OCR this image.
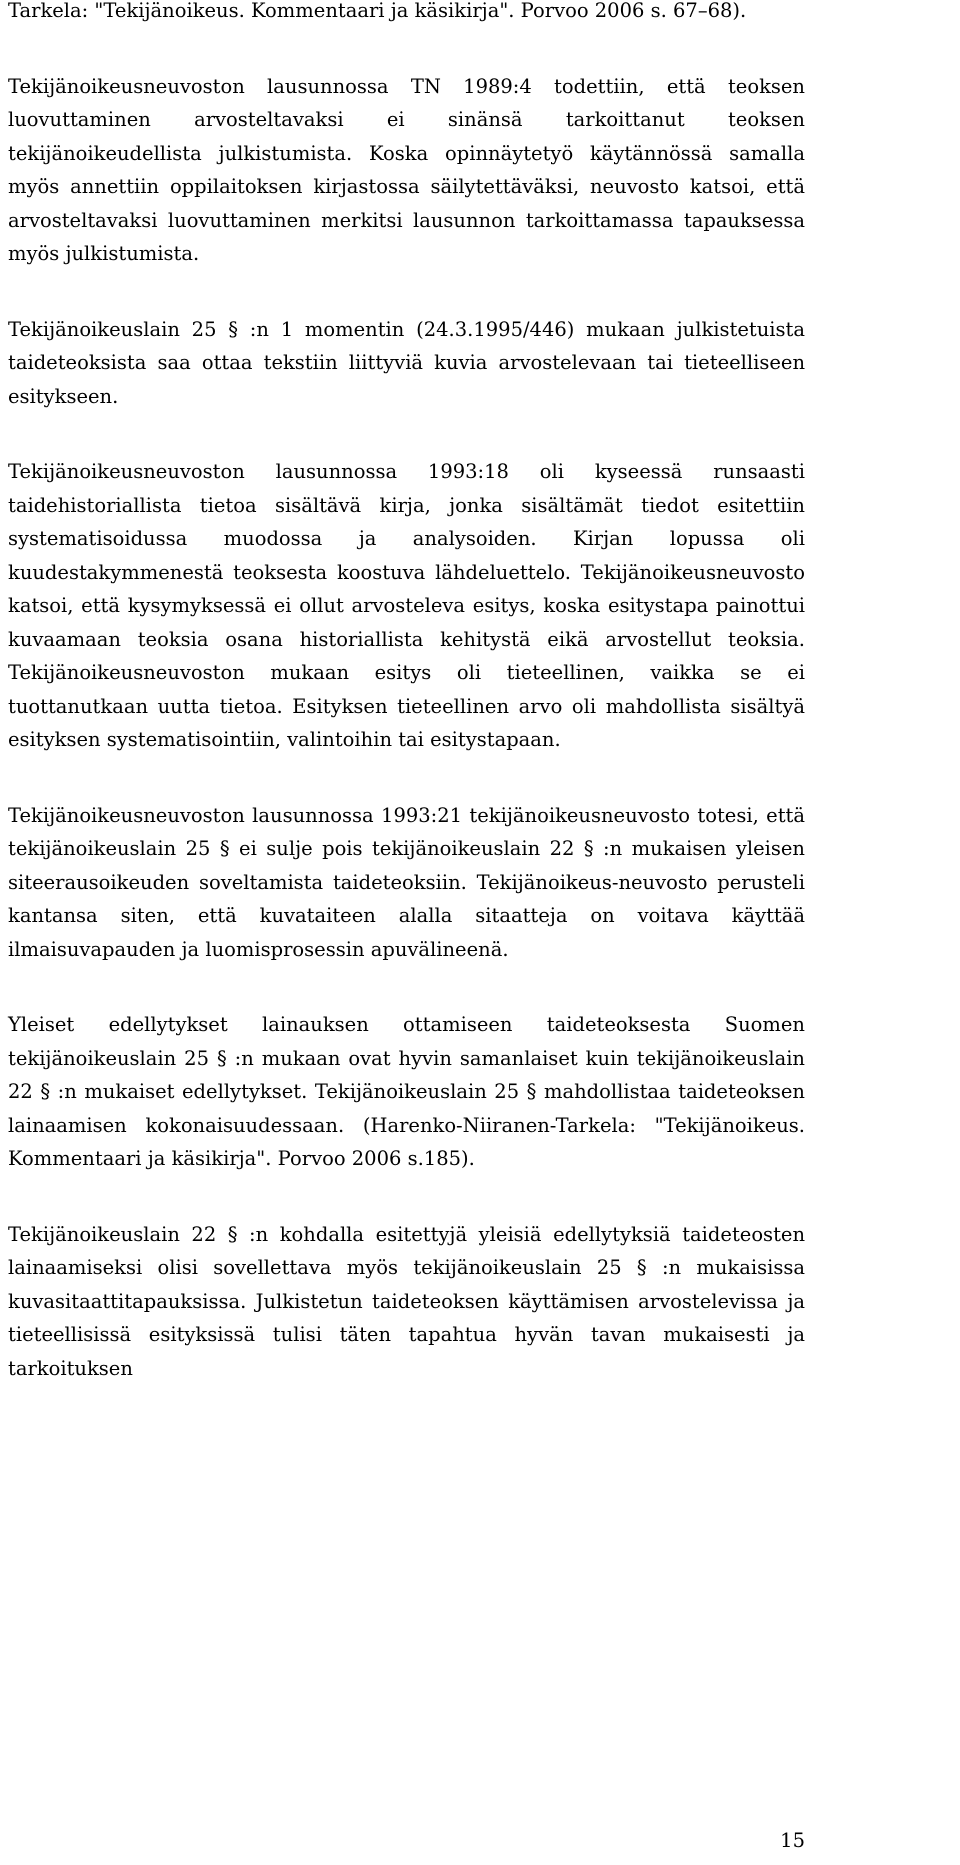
Tarkela: "Tekijänoikeus. Kommentaari ja käsikirja". Porvoo 2006 s. 67–68).

Tekijänoikeusneuvoston lausunnossa TN 1989:4 todettiin, että teoksen luovuttaminen arvosteltavaksi ei sinänsä tarkoittanut teoksen tekijänoikeudellista julkistumista. Koska opinnäytetyö käytännössä samalla myös annettiin oppilaitoksen kirjastossa säilytettäväksi, neuvosto katsoi, että arvosteltavaksi luovuttaminen merkitsi lausunnon tarkoittamassa tapauksessa myös julkistumista.

Tekijänoikeuslain 25 § :n 1 momentin (24.3.1995/446) mukaan julkistetuista taideteoksista saa ottaa tekstiin liittyviä kuvia arvostelevaan tai tieteelliseen esitykseen.

Tekijänoikeusneuvoston lausunnossa 1993:18 oli kyseessä runsaasti taidehistoriallista tietoa sisältävä kirja, jonka sisältämät tiedot esitettiin systematisoidussa muodossa ja analysoiden. Kirjan lopussa oli kuudestakymmenestä teoksesta koostuva lähdeluettelo. Tekijänoikeusneuvosto katsoi, että kysymyksessä ei ollut arvosteleva esitys, koska esitystapa painottui kuvaamaan teoksia osana historiallista kehitystä eikä arvostellut teoksia. Tekijänoikeusneuvoston mukaan esitys oli tieteellinen, vaikka se ei tuottanutkaan uutta tietoa. Esityksen tieteellinen arvo oli mahdollista sisältyä esityksen systematisointiin, valintoihin tai esitystapaan.

Tekijänoikeusneuvoston lausunnossa 1993:21 tekijänoikeusneuvosto totesi, että tekijänoikeuslain 25 § ei sulje pois tekijänoikeuslain 22 § :n mukaisen yleisen siteerausoikeuden soveltamista taideteoksiin. Tekijänoikeus-neuvosto perusteli kantansa siten, että kuvataiteen alalla sitaatteja on voitava käyttää ilmaisuvapauden ja luomisprosessin apuvälineenä.

Yleiset edellytykset lainauksen ottamiseen taideteoksesta Suomen tekijänoikeuslain 25 § :n mukaan ovat hyvin samanlaiset kuin tekijänoikeuslain 22 § :n mukaiset edellytykset. Tekijänoikeuslain 25 § mahdollistaa taideteoksen lainaamisen kokonaisuudessaan. (Harenko-Niiranen-Tarkela: "Tekijänoikeus. Kommentaari ja käsikirja". Porvoo 2006 s.185).

Tekijänoikeuslain 22 § :n kohdalla esitettyjä yleisiä edellytyksiä taideteosten lainaamiseksi olisi sovellettava myös tekijänoikeuslain 25 § :n mukaisissa kuvasitaattitapauksissa. Julkistetun taideteoksen käyttämisen arvostelevissa ja tieteellisissä esityksissä tulisi täten tapahtua hyvän tavan mukaisesti ja tarkoituksen

15
